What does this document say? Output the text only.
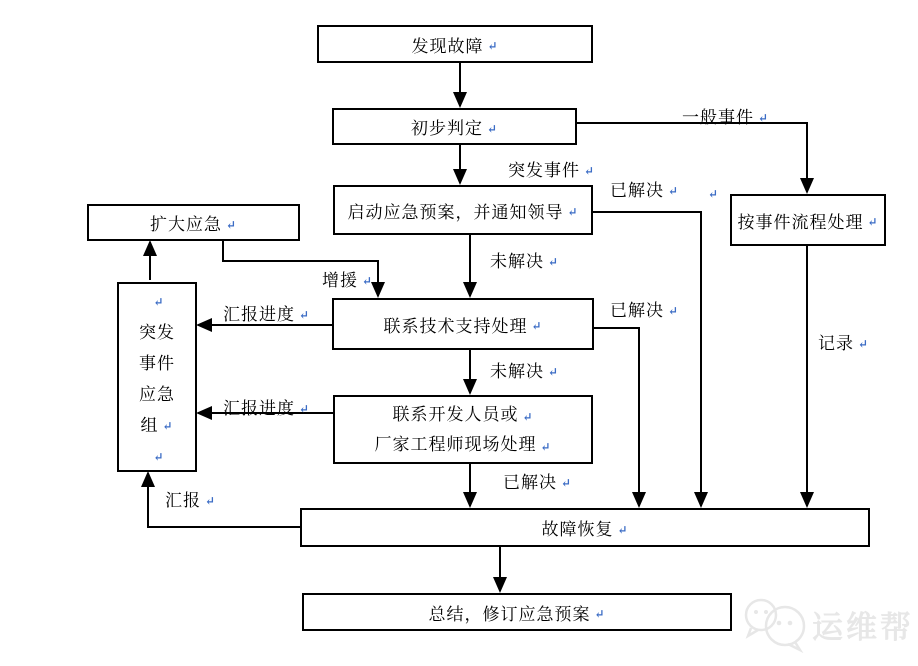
运维帮
发现故障 ↵
初步判定 ↵
启动应急预案，并通知领导 ↵
联系技术支持处理 ↵
联系开发人员或 ↵
厂家工程师现场处理 ↵
按事件流程处理 ↵
扩大应急 ↵
↵
突发
事件
应急
组 ↵
↵
故障恢复 ↵
总结，修订应急预案 ↵
一般事件 ↵
突发事件 ↵
已解决 ↵
已解决 ↵
未解决 ↵
未解决 ↵
已解决 ↵
记录 ↵
增援 ↵
汇报进度 ↵
汇报进度 ↵
汇报 ↵
↵
